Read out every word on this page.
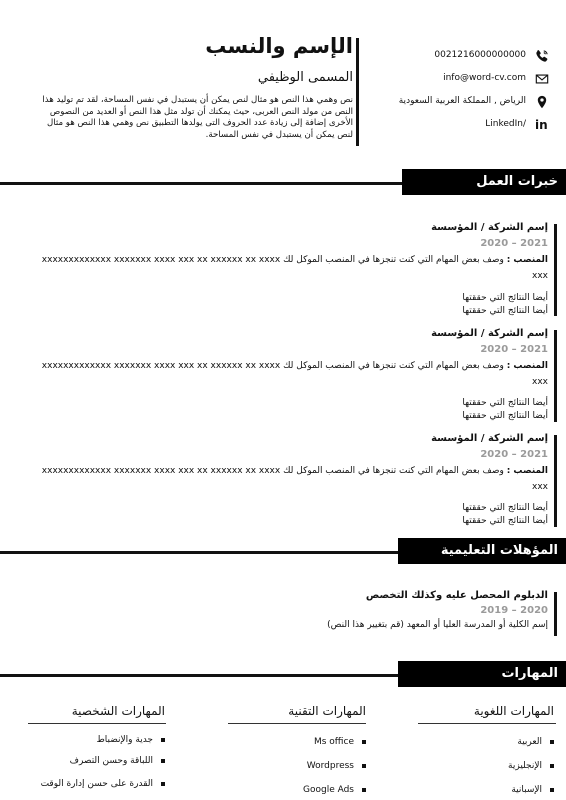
الإسم والنسب
المسمى الوظيفي
نص وهمي هذا النص هو مثال لنص يمكن أن يستبدل في نفس المساحة، لقد تم توليد هذا النص من مولد النص العربى، حيث يمكنك أن تولد مثل هذا النص أو العديد من النصوص الأخرى إضافة إلى زيادة عدد الحروف التى يولدها التطبيق نص وهمي هذا النص هو مثال لنص يمكن أن يستبدل في نفس المساحة.
0021216000000000
info@word-cv.com
الرياض , المملكة العربية السعودية
LinkedIn/ in
خبرات العمل
إسم الشركة / المؤسسة
2021 – 2020
المنصب : وصف بعض المهام التي كنت تنجزها في المنصب الموكل لك xxxxxxxxxxxxx xxxxxxx xxxx xxx xx xxxxxx xx xxxx xxx
أيضا النتائج التي حققتها
أيضا النتائج التي حققتها
إسم الشركة / المؤسسة
2021 – 2020
المنصب : وصف بعض المهام التي كنت تنجزها في المنصب الموكل لك xxxxxxxxxxxxx xxxxxxx xxxx xxx xx xxxxxx xx xxxx xxx
أيضا النتائج التي حققتها
أيضا النتائج التي حققتها
إسم الشركة / المؤسسة
2021 – 2020
المنصب : وصف بعض المهام التي كنت تنجزها في المنصب الموكل لك xxxxxxxxxxxxx xxxxxxx xxxx xxx xx xxxxxx xx xxxx xxx
أيضا النتائج التي حققتها
أيضا النتائج التي حققتها
المؤهلات التعليمية
الدبلوم المحصل عليه وكذلك التخصص
2020 – 2019
إسم الكلية أو المدرسة العليا أو المعهد (قم بتغيير هذا النص)
المهارات
المهارات اللغوية
العربية
الإنجليزية
الإسبانية
المهارات التقنية
Ms office
Wordpress
Google Ads
المهارات الشخصية
جدية والإنضباط
اللباقة وحسن التصرف
القدرة على حسن إدارة الوقت
